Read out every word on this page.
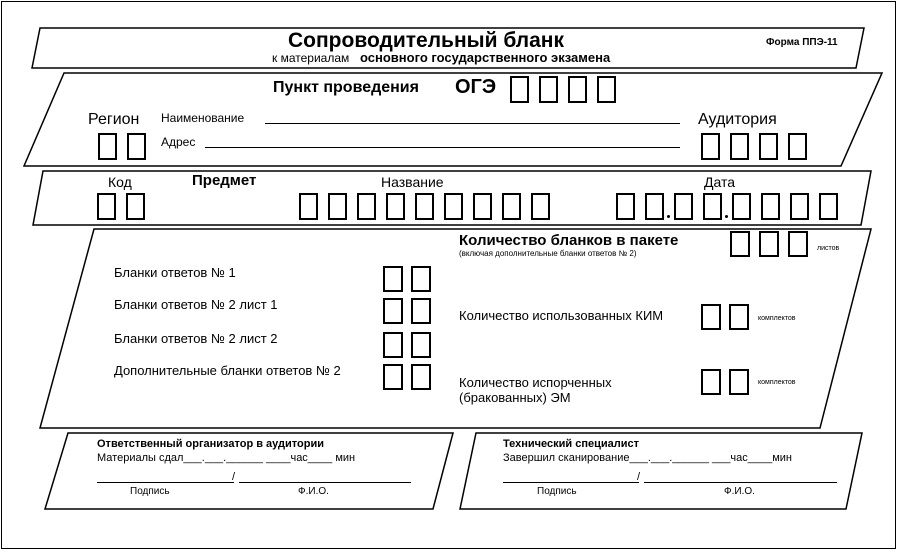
Сопроводительный бланк
к материалам основного государственного экзамена
Форма ППЭ-11
Пункт проведения ОГЭ
Регион Наименование
Адрес
Аудитория
Код	Предмет	Название	Дата
Бланки ответов № 1
Бланки ответов № 2 лист 1
Бланки ответов № 2 лист 2
Дополнительные бланки ответов № 2
Количество бланков в пакете
(включая дополнительные бланки ответов № 2)
листов
Количество использованных КИМ	комплектов
Количество испорченных
(бракованных) ЭМ
комплектов
Ответственный организатор в аудитории
Материалы сдал___.___.______ ____час____ мин
/
Подпись	Ф.И.О.
Технический специалист
Завершил сканирование___.___.______ ___час____мин
/
Подпись	Ф.И.О.
